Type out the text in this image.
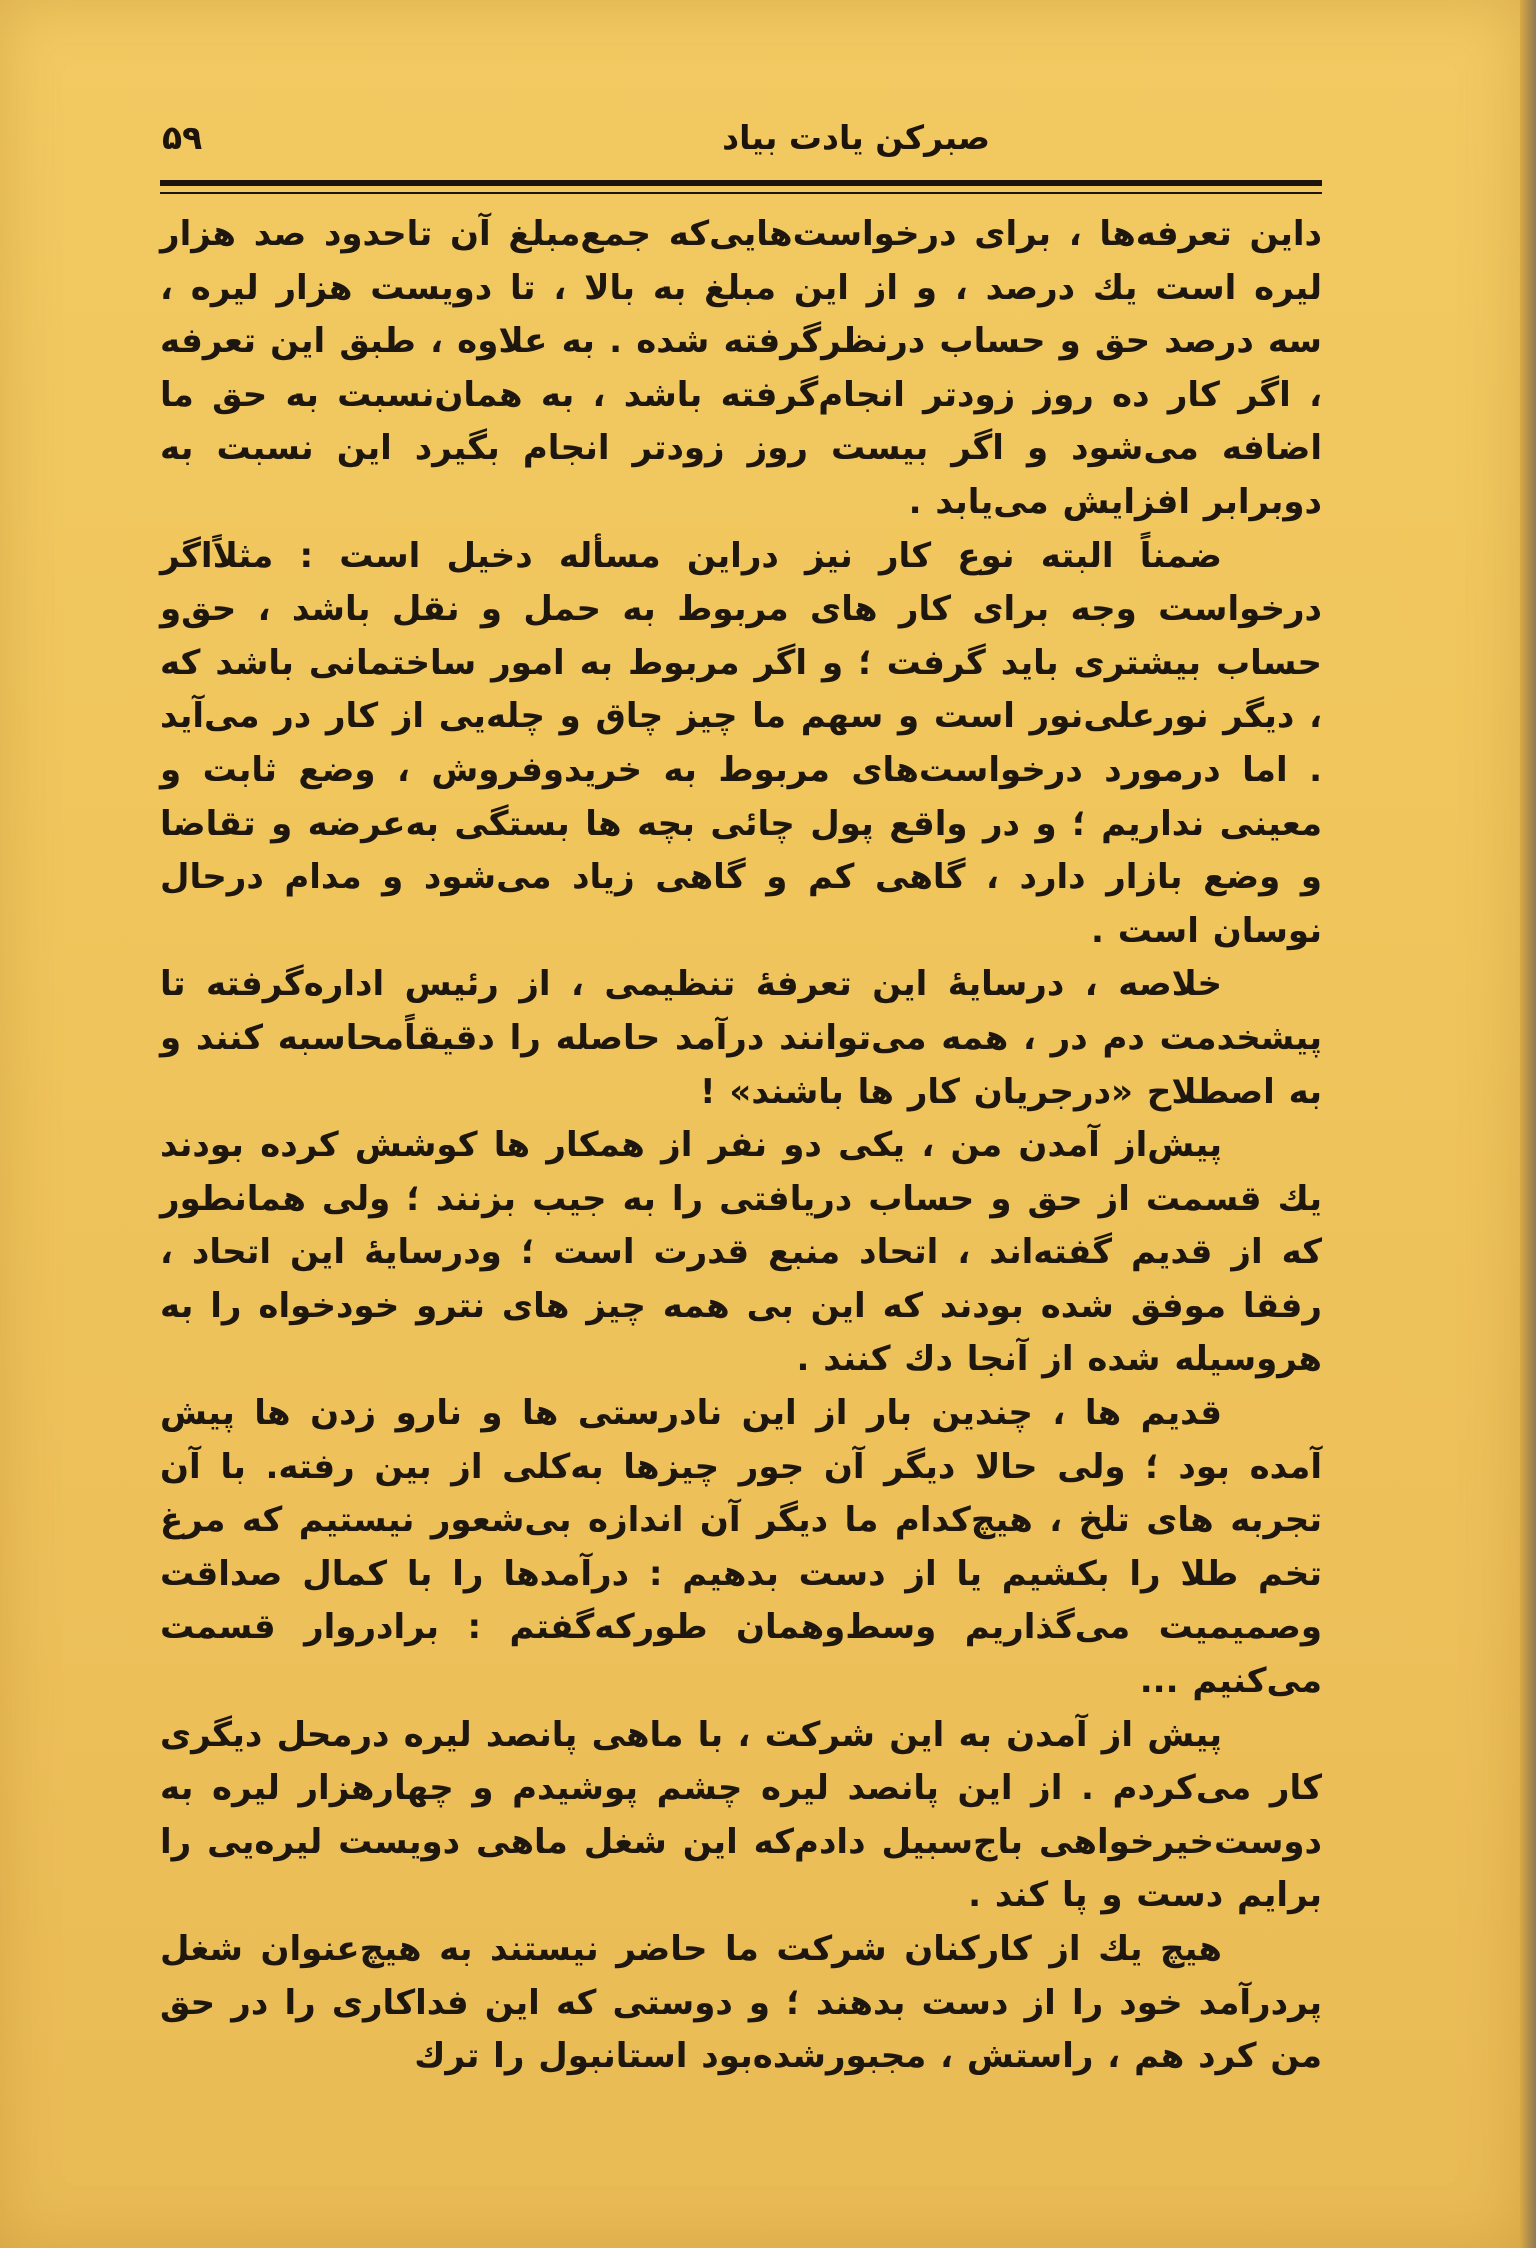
صبرکن یادت بیاد
۵۹

داین تعرفه‌ها ، برای درخواست‌هایی‌که جمع‌مبلغ آن تاحدود صد هزار لیره است یك درصد ، و از این مبلغ به بالا ، تا دویست هزار لیره ، سه درصد حق و حساب درنظرگرفته شده . به علاوه ، طبق این تعرفه ، اگر کار ده روز زودتر انجام‌گرفته باشد ، به همان‌نسبت به حق ما اضافه می‌شود و اگر بیست روز زودتر انجام بگیرد این نسبت به دوبرابر افزایش می‌یابد .

ضمناً البته نوع کار نیز دراین مسأله دخیل است : مثلاًاگر درخواست وجه برای کار های مربوط به حمل و نقل باشد ، حق‌و حساب بیشتری باید گرفت ؛ و اگر مربوط به امور ساختمانی باشد که ، دیگر نورعلی‌نور است و سهم ما چیز چاق و چله‌یی از کار در می‌آید . اما درمورد درخواست‌های مربوط به خریدوفروش ، وضع ثابت و معینی نداریم ؛ و در واقع پول چائی بچه ها بستگی به‌عرضه و تقاضا و وضع بازار دارد ، گاهی کم و گاهی زیاد می‌شود و مدام درحال نوسان است .

خلاصه ، درسایهٔ این تعرفهٔ تنظیمی ، از رئیس اداره‌گرفته تا پیشخدمت دم در ، همه می‌توانند درآمد حاصله را دقیقاًمحاسبه کنند و به اصطلاح «درجریان کار ها باشند» !

پیش‌از آمدن من ، یکی دو نفر از همکار ها کوشش کرده بودند یك قسمت از حق و حساب دریافتی را به جیب بزنند ؛ ولی همانطور که از قدیم گفته‌اند ، اتحاد منبع قدرت است ؛ ودرسایهٔ این اتحاد ، رفقا موفق شده بودند که این بی همه چیز های نترو خودخواه را به هروسیله شده از آنجا دك کنند .

قدیم ها ، چندین بار از این نادرستی ها و نارو زدن ها پیش آمده بود ؛ ولی حالا دیگر آن جور چیزها به‌کلی از بین رفته. با آن تجربه های تلخ ، هیچ‌کدام ما دیگر آن اندازه بی‌شعور نیستیم که مرغ تخم طلا را بکشیم یا از دست بدهیم : درآمدها را با کمال صداقت وصمیمیت می‌گذاریم وسط‌وهمان طورکه‌گفتم : برادروار قسمت می‌کنیم ...

پیش از آمدن به این شرکت ، با ماهی پانصد لیره درمحل دیگری کار می‌کردم . از این پانصد لیره چشم پوشیدم و چهارهزار لیره به دوست‌خیرخواهی باج‌سبیل دادم‌که این شغل ماهی دویست لیره‌یی را برایم دست و پا کند .

هیچ یك از کارکنان شرکت ما حاضر نیستند به هیچ‌عنوان شغل پردرآمد خود را از دست بدهند ؛ و دوستی که این فداکاری را در حق من کرد هم ، راستش ، مجبورشده‌بود استانبول را ترك
